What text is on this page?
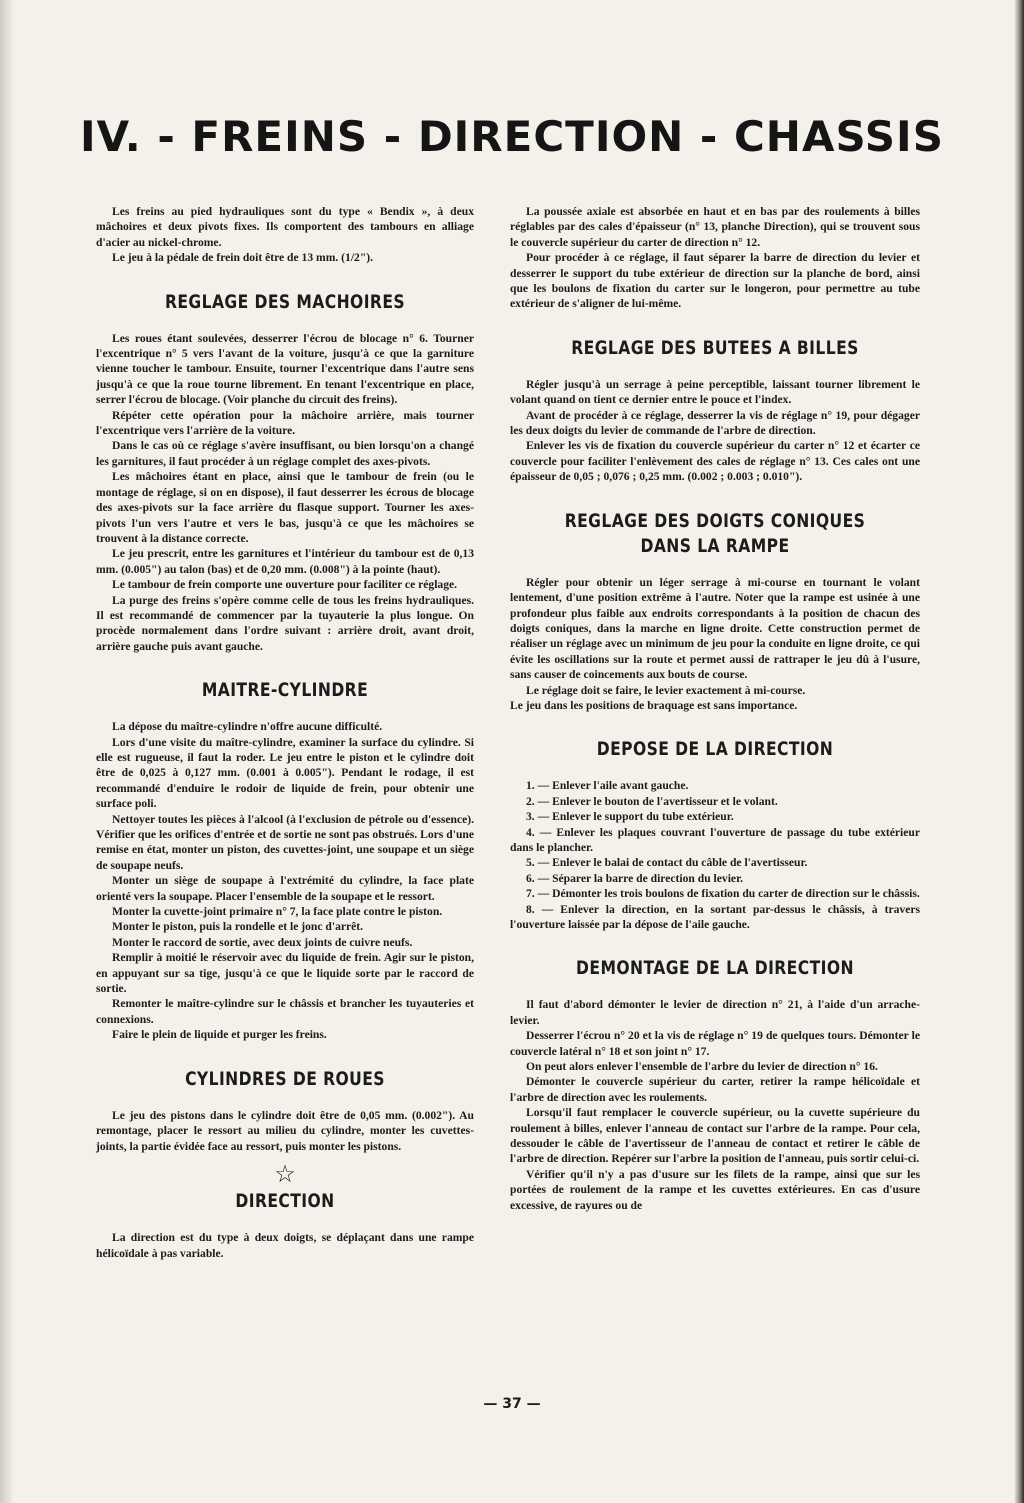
IV. - FREINS - DIRECTION - CHASSIS

Les freins au pied hydrauliques sont du type « Bendix », à deux mâchoires et deux pivots fixes. Ils comportent des tambours en alliage d'acier au nickel-chrome.

Le jeu à la pédale de frein doit être de 13 mm. (1/2").

REGLAGE DES MACHOIRES

Les roues étant soulevées, desserrer l'écrou de blocage n° 6. Tourner l'excentrique n° 5 vers l'avant de la voiture, jusqu'à ce que la garniture vienne toucher le tambour. Ensuite, tourner l'excentrique dans l'autre sens jusqu'à ce que la roue tourne librement. En tenant l'excentrique en place, serrer l'écrou de blocage. (Voir planche du circuit des freins).

Répéter cette opération pour la mâchoire arrière, mais tourner l'excentrique vers l'arrière de la voiture.

Dans le cas où ce réglage s'avère insuffisant, ou bien lorsqu'on a changé les garnitures, il faut procéder à un réglage complet des axes-pivots.

Les mâchoires étant en place, ainsi que le tambour de frein (ou le montage de réglage, si on en dispose), il faut desserrer les écrous de blocage des axes-pivots sur la face arrière du flasque support. Tourner les axes-pivots l'un vers l'autre et vers le bas, jusqu'à ce que les mâchoires se trouvent à la distance correcte.

Le jeu prescrit, entre les garnitures et l'intérieur du tambour est de 0,13 mm. (0.005") au talon (bas) et de 0,20 mm. (0.008") à la pointe (haut).

Le tambour de frein comporte une ouverture pour faciliter ce réglage.

La purge des freins s'opère comme celle de tous les freins hydrauliques. Il est recommandé de commencer par la tuyauterie la plus longue. On procède normalement dans l'ordre suivant : arrière droit, avant droit, arrière gauche puis avant gauche.

MAITRE-CYLINDRE

La dépose du maître-cylindre n'offre aucune difficulté.

Lors d'une visite du maître-cylindre, examiner la surface du cylindre. Si elle est rugueuse, il faut la roder. Le jeu entre le piston et le cylindre doit être de 0,025 à 0,127 mm. (0.001 à 0.005"). Pendant le rodage, il est recommandé d'enduire le rodoir de liquide de frein, pour obtenir une surface poli.

Nettoyer toutes les pièces à l'alcool (à l'exclusion de pétrole ou d'essence). Vérifier que les orifices d'entrée et de sortie ne sont pas obstrués. Lors d'une remise en état, monter un piston, des cuvettes-joint, une soupape et un siège de soupape neufs.

Monter un siège de soupape à l'extrémité du cylindre, la face plate orienté vers la soupape. Placer l'ensemble de la soupape et le ressort.

Monter la cuvette-joint primaire n° 7, la face plate contre le piston.

Monter le piston, puis la rondelle et le jonc d'arrêt.

Monter le raccord de sortie, avec deux joints de cuivre neufs.

Remplir à moitié le réservoir avec du liquide de frein. Agir sur le piston, en appuyant sur sa tige, jusqu'à ce que le liquide sorte par le raccord de sortie.

Remonter le maître-cylindre sur le châssis et brancher les tuyauteries et connexions.

Faire le plein de liquide et purger les freins.

CYLINDRES DE ROUES

Le jeu des pistons dans le cylindre doit être de 0,05 mm. (0.002"). Au remontage, placer le ressort au milieu du cylindre, monter les cuvettes-joints, la partie évidée face au ressort, puis monter les pistons.

☆
DIRECTION

La direction est du type à deux doigts, se déplaçant dans une rampe hélicoïdale à pas variable.

La poussée axiale est absorbée en haut et en bas par des roulements à billes réglables par des cales d'épaisseur (n° 13, planche Direction), qui se trouvent sous le couvercle supérieur du carter de direction n° 12.

Pour procéder à ce réglage, il faut séparer la barre de direction du levier et desserrer le support du tube extérieur de direction sur la planche de bord, ainsi que les boulons de fixation du carter sur le longeron, pour permettre au tube extérieur de s'aligner de lui-même.

REGLAGE DES BUTEES A BILLES

Régler jusqu'à un serrage à peine perceptible, laissant tourner librement le volant quand on tient ce dernier entre le pouce et l'index.

Avant de procéder à ce réglage, desserrer la vis de réglage n° 19, pour dégager les deux doigts du levier de commande de l'arbre de direction.

Enlever les vis de fixation du couvercle supérieur du carter n° 12 et écarter ce couvercle pour faciliter l'enlèvement des cales de réglage n° 13. Ces cales ont une épaisseur de 0,05 ; 0,076 ; 0,25 mm. (0.002 ; 0.003 ; 0.010").

REGLAGE DES DOIGTS CONIQUES
DANS LA RAMPE

Régler pour obtenir un léger serrage à mi-course en tournant le volant lentement, d'une position extrême à l'autre. Noter que la rampe est usinée à une profondeur plus faible aux endroits correspondants à la position de chacun des doigts coniques, dans la marche en ligne droite. Cette construction permet de réaliser un réglage avec un minimum de jeu pour la conduite en ligne droite, ce qui évite les oscillations sur la route et permet aussi de rattraper le jeu dû à l'usure, sans causer de coincements aux bouts de course.

Le réglage doit se faire, le levier exactement à mi-course.

Le jeu dans les positions de braquage est sans importance.

DEPOSE DE LA DIRECTION
1. — Enlever l'aile avant gauche.
2. — Enlever le bouton de l'avertisseur et le volant.
3. — Enlever le support du tube extérieur.
4. — Enlever les plaques couvrant l'ouverture de passage du tube extérieur dans le plancher.
5. — Enlever le balai de contact du câble de l'avertisseur.
6. — Séparer la barre de direction du levier.
7. — Démonter les trois boulons de fixation du carter de direction sur le châssis.
8. — Enlever la direction, en la sortant par-dessus le châssis, à travers l'ouverture laissée par la dépose de l'aile gauche.
DEMONTAGE DE LA DIRECTION

Il faut d'abord démonter le levier de direction n° 21, à l'aide d'un arrache-levier.

Desserrer l'écrou n° 20 et la vis de réglage n° 19 de quelques tours. Démonter le couvercle latéral n° 18 et son joint n° 17.

On peut alors enlever l'ensemble de l'arbre du levier de direction n° 16.

Démonter le couvercle supérieur du carter, retirer la rampe hélicoïdale et l'arbre de direction avec les roulements.

Lorsqu'il faut remplacer le couvercle supérieur, ou la cuvette supérieure du roulement à billes, enlever l'anneau de contact sur l'arbre de la rampe. Pour cela, dessouder le câble de l'avertisseur de l'anneau de contact et retirer le câble de l'arbre de direction. Repérer sur l'arbre la position de l'anneau, puis sortir celui-ci.

Vérifier qu'il n'y a pas d'usure sur les filets de la rampe, ainsi que sur les portées de roulement de la rampe et les cuvettes extérieures. En cas d'usure excessive, de rayures ou de

— 37 —
